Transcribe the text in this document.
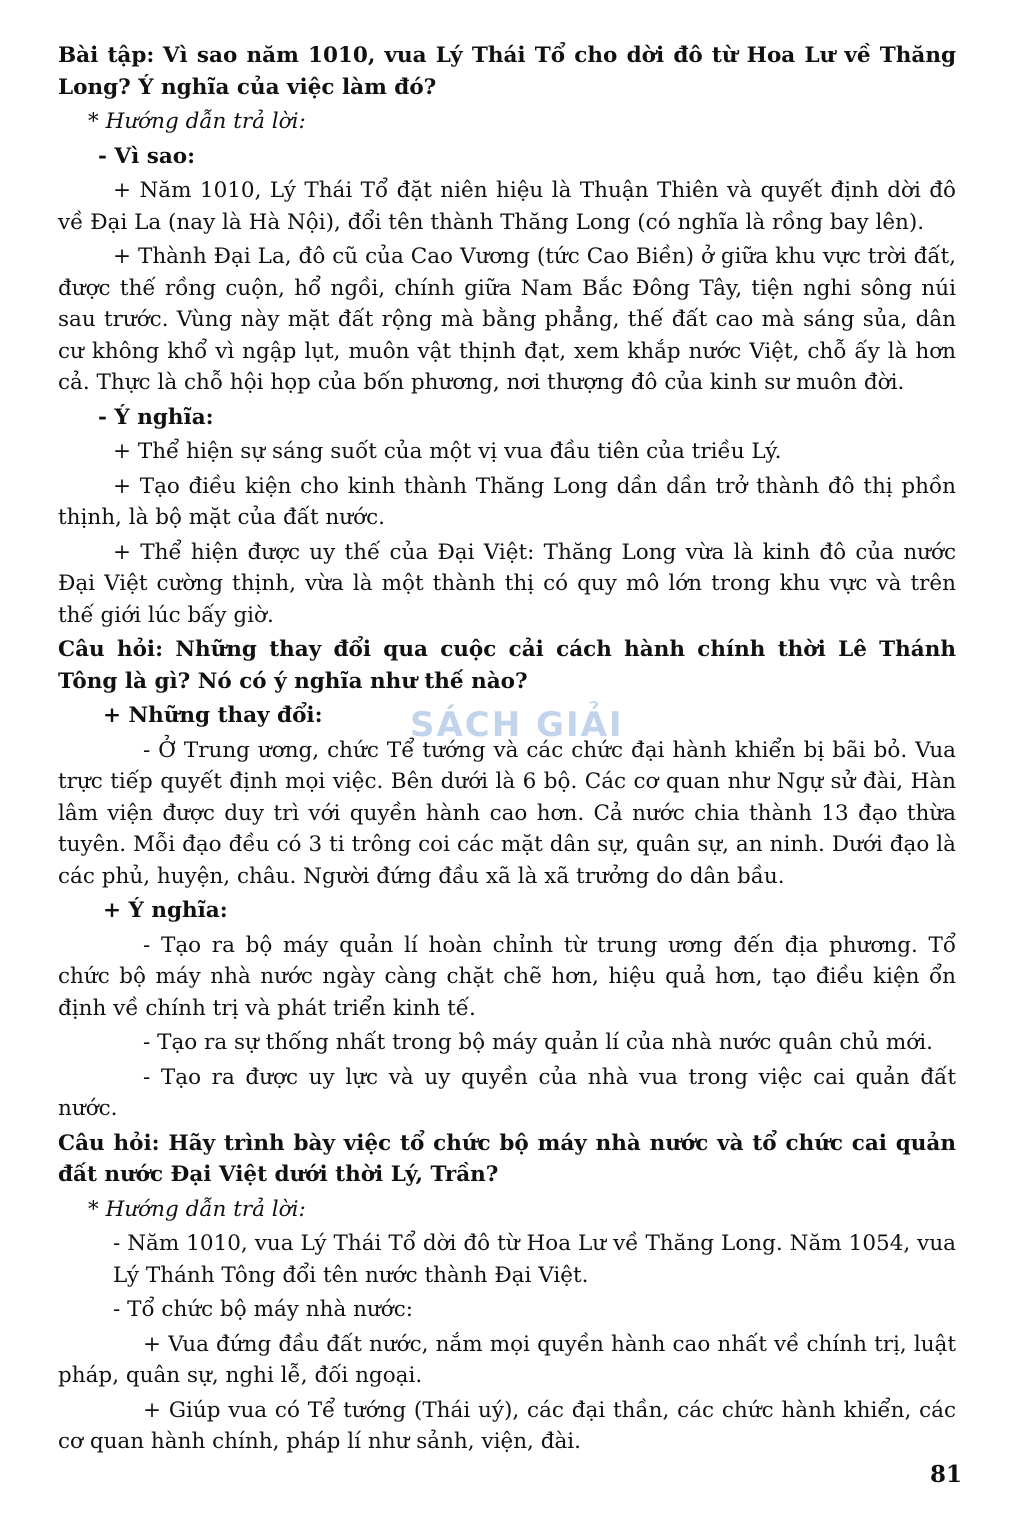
Bài tập: Vì sao năm 1010, vua Lý Thái Tổ cho dời đô từ Hoa Lư về Thăng Long? Ý nghĩa của việc làm đó?

* Hướng dẫn trả lời:

- Vì sao:

+ Năm 1010, Lý Thái Tổ đặt niên hiệu là Thuận Thiên và quyết định dời đô về Đại La (nay là Hà Nội), đổi tên thành Thăng Long (có nghĩa là rồng bay lên).

+ Thành Đại La, đô cũ của Cao Vương (tức Cao Biền) ở giữa khu vực trời đất, được thế rồng cuộn, hổ ngồi, chính giữa Nam Bắc Đông Tây, tiện nghi sông núi sau trước. Vùng này mặt đất rộng mà bằng phẳng, thế đất cao mà sáng sủa, dân cư không khổ vì ngập lụt, muôn vật thịnh đạt, xem khắp nước Việt, chỗ ấy là hơn cả. Thực là chỗ hội họp của bốn phương, nơi thượng đô của kinh sư muôn đời.

- Ý nghĩa:

+ Thể hiện sự sáng suốt của một vị vua đầu tiên của triều Lý.

+ Tạo điều kiện cho kinh thành Thăng Long dần dần trở thành đô thị phồn thịnh, là bộ mặt của đất nước.

+ Thể hiện được uy thế của Đại Việt: Thăng Long vừa là kinh đô của nước Đại Việt cường thịnh, vừa là một thành thị có quy mô lớn trong khu vực và trên thế giới lúc bấy giờ.

Câu hỏi: Những thay đổi qua cuộc cải cách hành chính thời Lê Thánh Tông là gì? Nó có ý nghĩa như thế nào?

+ Những thay đổi:

- Ở Trung ương, chức Tể tướng và các chức đại hành khiển bị bãi bỏ. Vua trực tiếp quyết định mọi việc. Bên dưới là 6 bộ. Các cơ quan như Ngự sử đài, Hàn lâm viện được duy trì với quyền hành cao hơn. Cả nước chia thành 13 đạo thừa tuyên. Mỗi đạo đều có 3 ti trông coi các mặt dân sự, quân sự, an ninh. Dưới đạo là các phủ, huyện, châu. Người đứng đầu xã là xã trưởng do dân bầu.

+ Ý nghĩa:

- Tạo ra bộ máy quản lí hoàn chỉnh từ trung ương đến địa phương. Tổ chức bộ máy nhà nước ngày càng chặt chẽ hơn, hiệu quả hơn, tạo điều kiện ổn định về chính trị và phát triển kinh tế.

- Tạo ra sự thống nhất trong bộ máy quản lí của nhà nước quân chủ mới.

- Tạo ra được uy lực và uy quyền của nhà vua trong việc cai quản đất nước.

Câu hỏi: Hãy trình bày việc tổ chức bộ máy nhà nước và tổ chức cai quản đất nước Đại Việt dưới thời Lý, Trần?

* Hướng dẫn trả lời:

- Năm 1010, vua Lý Thái Tổ dời đô từ Hoa Lư về Thăng Long. Năm 1054, vua Lý Thánh Tông đổi tên nước thành Đại Việt.

- Tổ chức bộ máy nhà nước:

+ Vua đứng đầu đất nước, nắm mọi quyền hành cao nhất về chính trị, luật pháp, quân sự, nghi lễ, đối ngoại.

+ Giúp vua có Tể tướng (Thái uý), các đại thần, các chức hành khiển, các cơ quan hành chính, pháp lí như sảnh, viện, đài.

SÁCH GIẢI
81
